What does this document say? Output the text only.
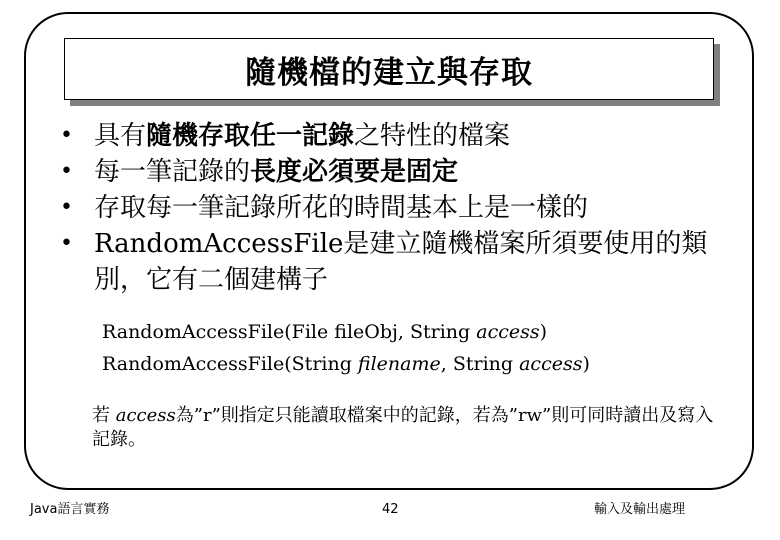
隨機檔的建立與存取
• 具有隨機存取任一記錄之特性的檔案
• 每一筆記錄的長度必須要是固定
• 存取每一筆記錄所花的時間基本上是一樣的
• RandomAccessFile是建立隨機檔案所須要使用的類別，它有二個建構子
RandomAccessFile(File fileObj, String access)
RandomAccessFile(String filename, String access)
若 access為”r”則指定只能讀取檔案中的記錄，若為”rw”則可同時讀出及寫入記錄。
Java語言實務	42	輸入及輸出處理
